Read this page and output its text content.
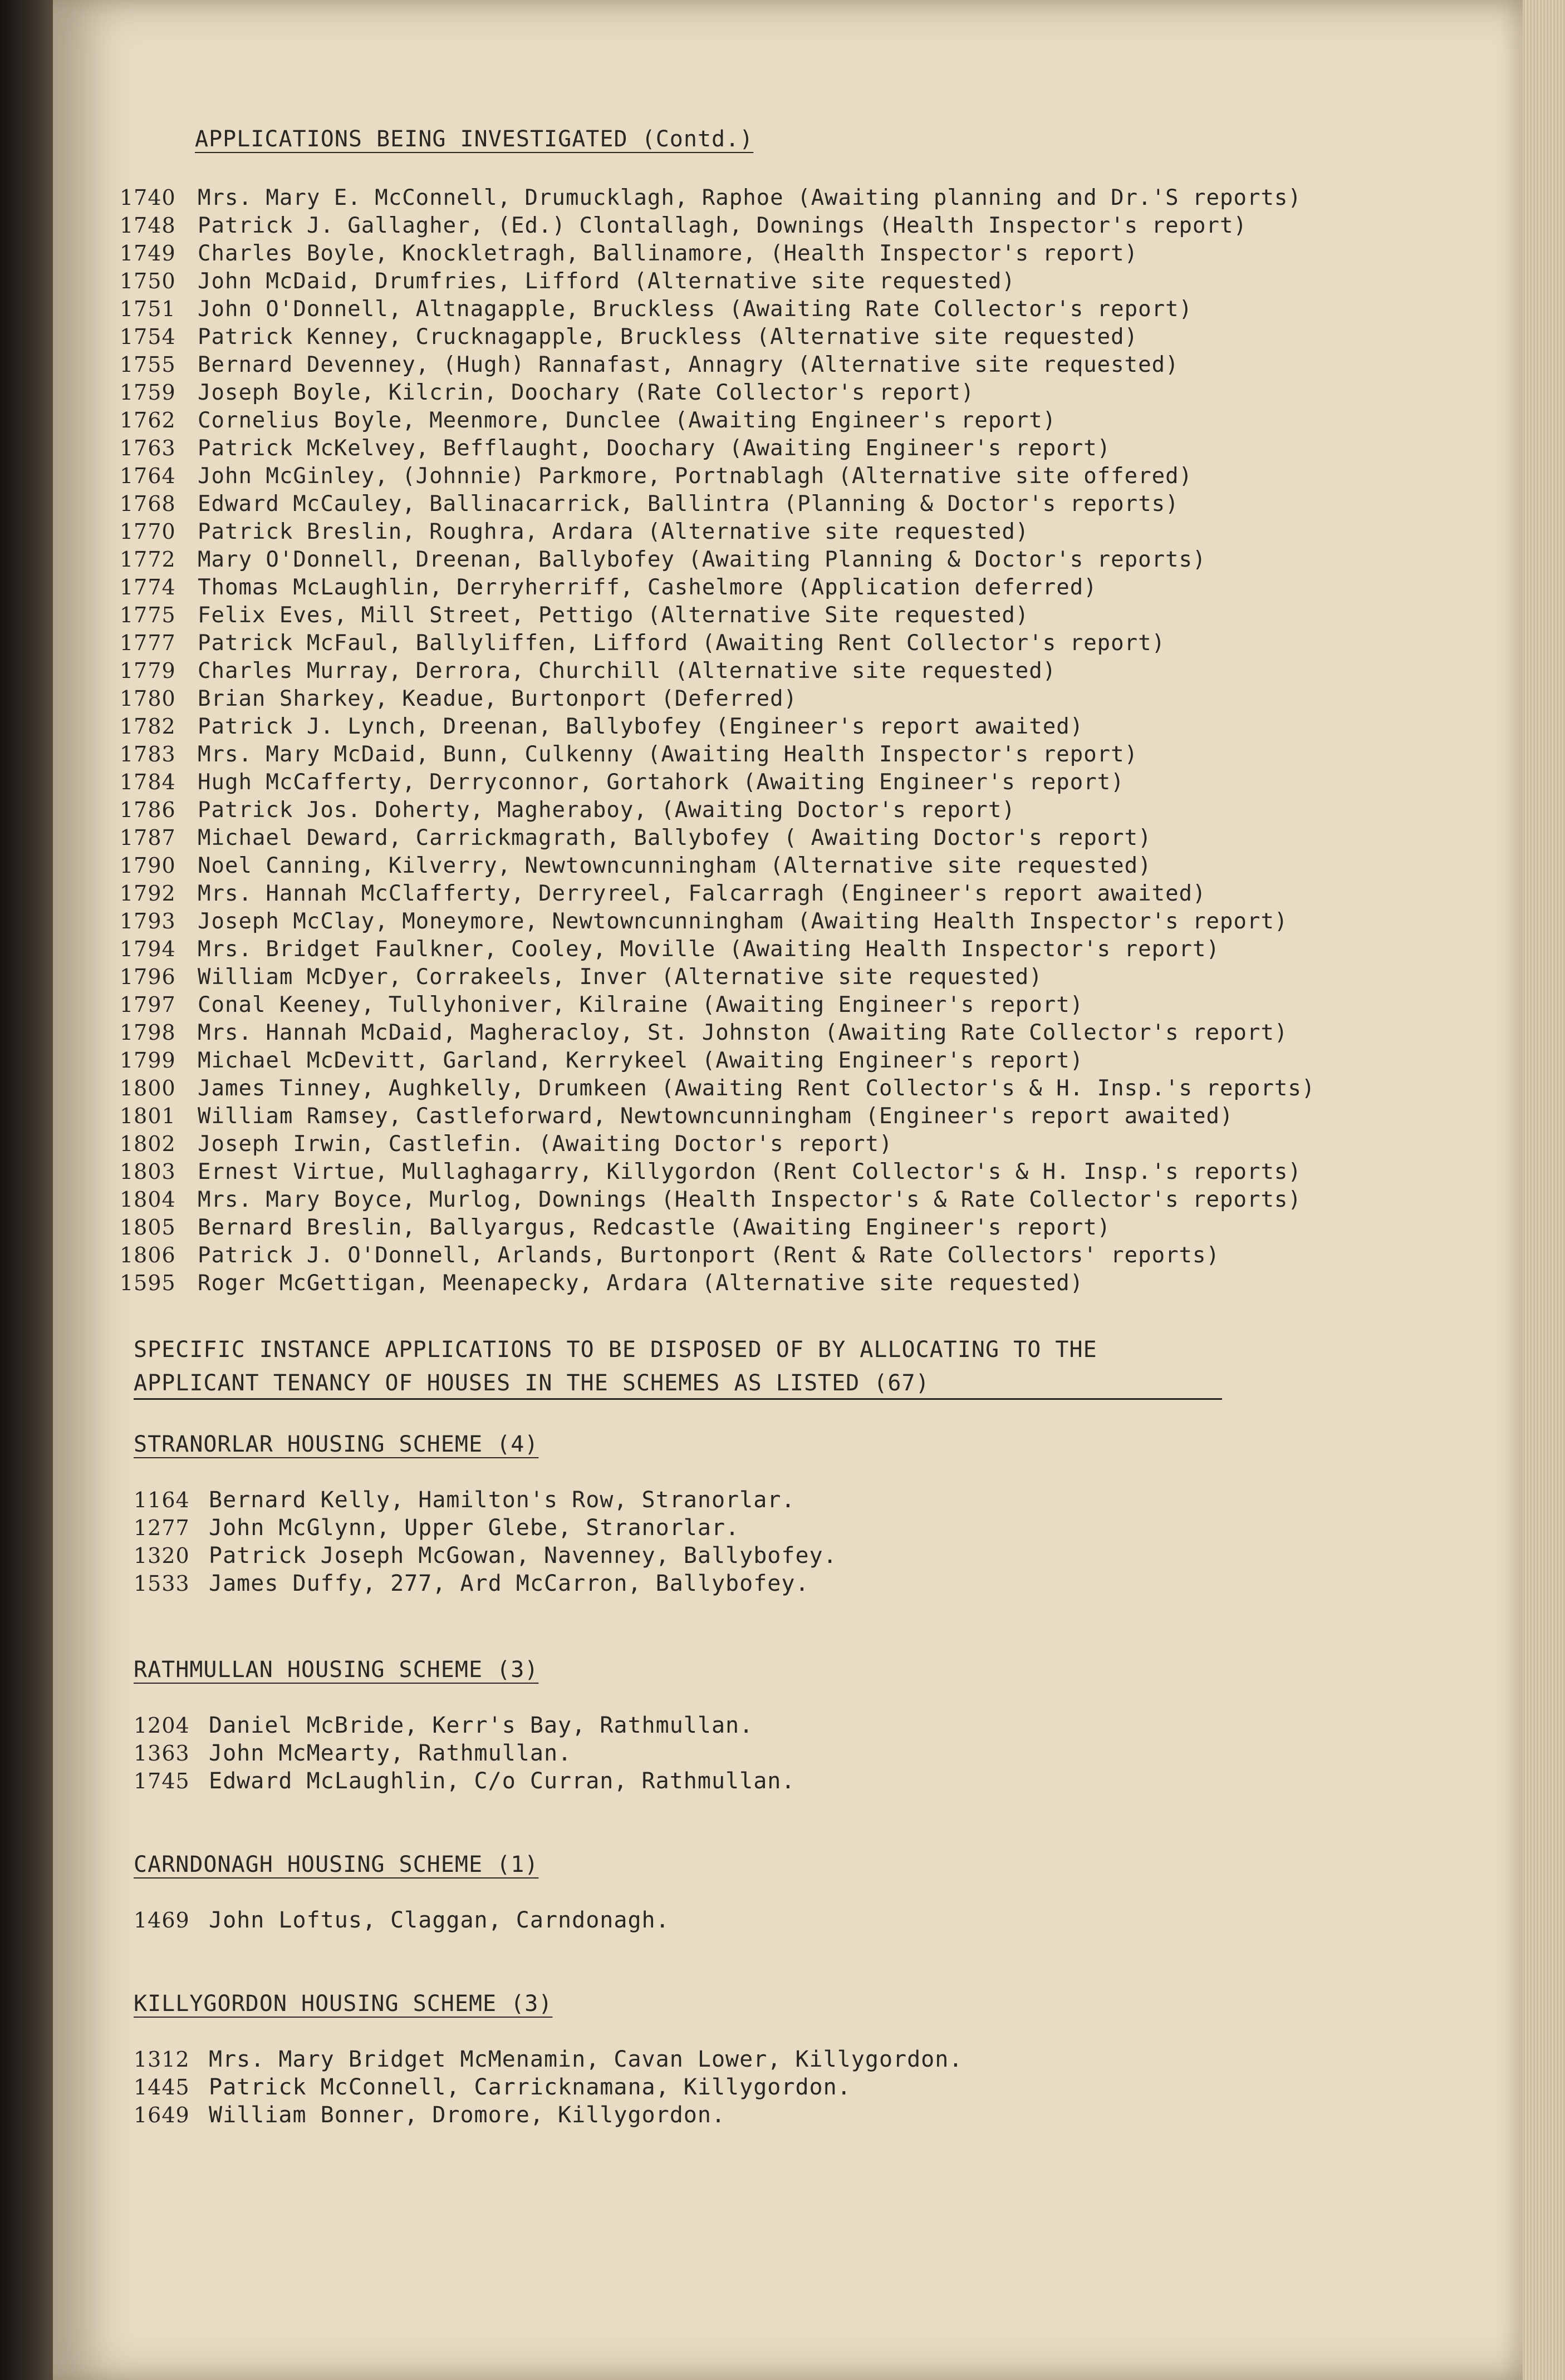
APPLICATIONS BEING INVESTIGATED (Contd.)
1740 Mrs. Mary E. McConnell, Drumucklagh, Raphoe (Awaiting planning and Dr.'S reports)
1748 Patrick J. Gallagher, (Ed.) Clontallagh, Downings (Health Inspector's report)
1749 Charles Boyle, Knockletragh, Ballinamore, (Health Inspector's report)
1750 John McDaid, Drumfries, Lifford (Alternative site requested)
1751 John O'Donnell, Altnagapple, Bruckless (Awaiting Rate Collector's report)
1754 Patrick Kenney, Crucknagapple, Bruckless (Alternative site requested)
1755 Bernard Devenney, (Hugh) Rannafast, Annagry (Alternative site requested)
1759 Joseph Boyle, Kilcrin, Doochary (Rate Collector's report)
1762 Cornelius Boyle, Meenmore, Dunclee (Awaiting Engineer's report)
1763 Patrick McKelvey, Befflaught, Doochary (Awaiting Engineer's report)
1764 John McGinley, (Johnnie) Parkmore, Portnablagh (Alternative site offered)
1768 Edward McCauley, Ballinacarrick, Ballintra (Planning & Doctor's reports)
1770 Patrick Breslin, Roughra, Ardara (Alternative site requested)
1772 Mary O'Donnell, Dreenan, Ballybofey (Awaiting Planning & Doctor's reports)
1774 Thomas McLaughlin, Derryherriff, Cashelmore (Application deferred)
1775 Felix Eves, Mill Street, Pettigo (Alternative Site requested)
1777 Patrick McFaul, Ballyliffen, Lifford (Awaiting Rent Collector's report)
1779 Charles Murray, Derrora, Churchill (Alternative site requested)
1780 Brian Sharkey, Keadue, Burtonport (Deferred)
1782 Patrick J. Lynch, Dreenan, Ballybofey (Engineer's report awaited)
1783 Mrs. Mary McDaid, Bunn, Culkenny (Awaiting Health Inspector's report)
1784 Hugh McCafferty, Derryconnor, Gortahork (Awaiting Engineer's report)
1786 Patrick Jos. Doherty, Magheraboy, (Awaiting Doctor's report)
1787 Michael Deward, Carrickmagrath, Ballybofey ( Awaiting Doctor's report)
1790 Noel Canning, Kilverry, Newtowncunningham (Alternative site requested)
1792 Mrs. Hannah McClafferty, Derryreel, Falcarragh (Engineer's report awaited)
1793 Joseph McClay, Moneymore, Newtowncunningham (Awaiting Health Inspector's report)
1794 Mrs. Bridget Faulkner, Cooley, Moville (Awaiting Health Inspector's report)
1796 William McDyer, Corrakeels, Inver (Alternative site requested)
1797 Conal Keeney, Tullyhoniver, Kilraine (Awaiting Engineer's report)
1798 Mrs. Hannah McDaid, Magheracloy, St. Johnston (Awaiting Rate Collector's report)
1799 Michael McDevitt, Garland, Kerrykeel (Awaiting Engineer's report)
1800 James Tinney, Aughkelly, Drumkeen (Awaiting Rent Collector's & H. Insp.'s reports)
1801 William Ramsey, Castleforward, Newtowncunningham (Engineer's report awaited)
1802 Joseph Irwin, Castlefin. (Awaiting Doctor's report)
1803 Ernest Virtue, Mullaghagarry, Killygordon (Rent Collector's & H. Insp.'s reports)
1804 Mrs. Mary Boyce, Murlog, Downings (Health Inspector's & Rate Collector's reports)
1805 Bernard Breslin, Ballyargus, Redcastle (Awaiting Engineer's report)
1806 Patrick J. O'Donnell, Arlands, Burtonport (Rent & Rate Collectors' reports)
1595 Roger McGettigan, Meenapecky, Ardara (Alternative site requested)
SPECIFIC INSTANCE APPLICATIONS TO BE DISPOSED OF BY ALLOCATING TO THE
APPLICANT TENANCY OF HOUSES IN THE SCHEMES AS LISTED (67)
STRANORLAR HOUSING SCHEME (4)
1164 Bernard Kelly, Hamilton's Row, Stranorlar.
1277 John McGlynn, Upper Glebe, Stranorlar.
1320 Patrick Joseph McGowan, Navenney, Ballybofey.
1533 James Duffy, 277, Ard McCarron, Ballybofey.
RATHMULLAN HOUSING SCHEME (3)
1204 Daniel McBride, Kerr's Bay, Rathmullan.
1363 John McMearty, Rathmullan.
1745 Edward McLaughlin, C/o Curran, Rathmullan.
CARNDONAGH HOUSING SCHEME (1)
1469 John Loftus, Claggan, Carndonagh.
KILLYGORDON HOUSING SCHEME (3)
1312 Mrs. Mary Bridget McMenamin, Cavan Lower, Killygordon.
1445 Patrick McConnell, Carricknamana, Killygordon.
1649 William Bonner, Dromore, Killygordon.
